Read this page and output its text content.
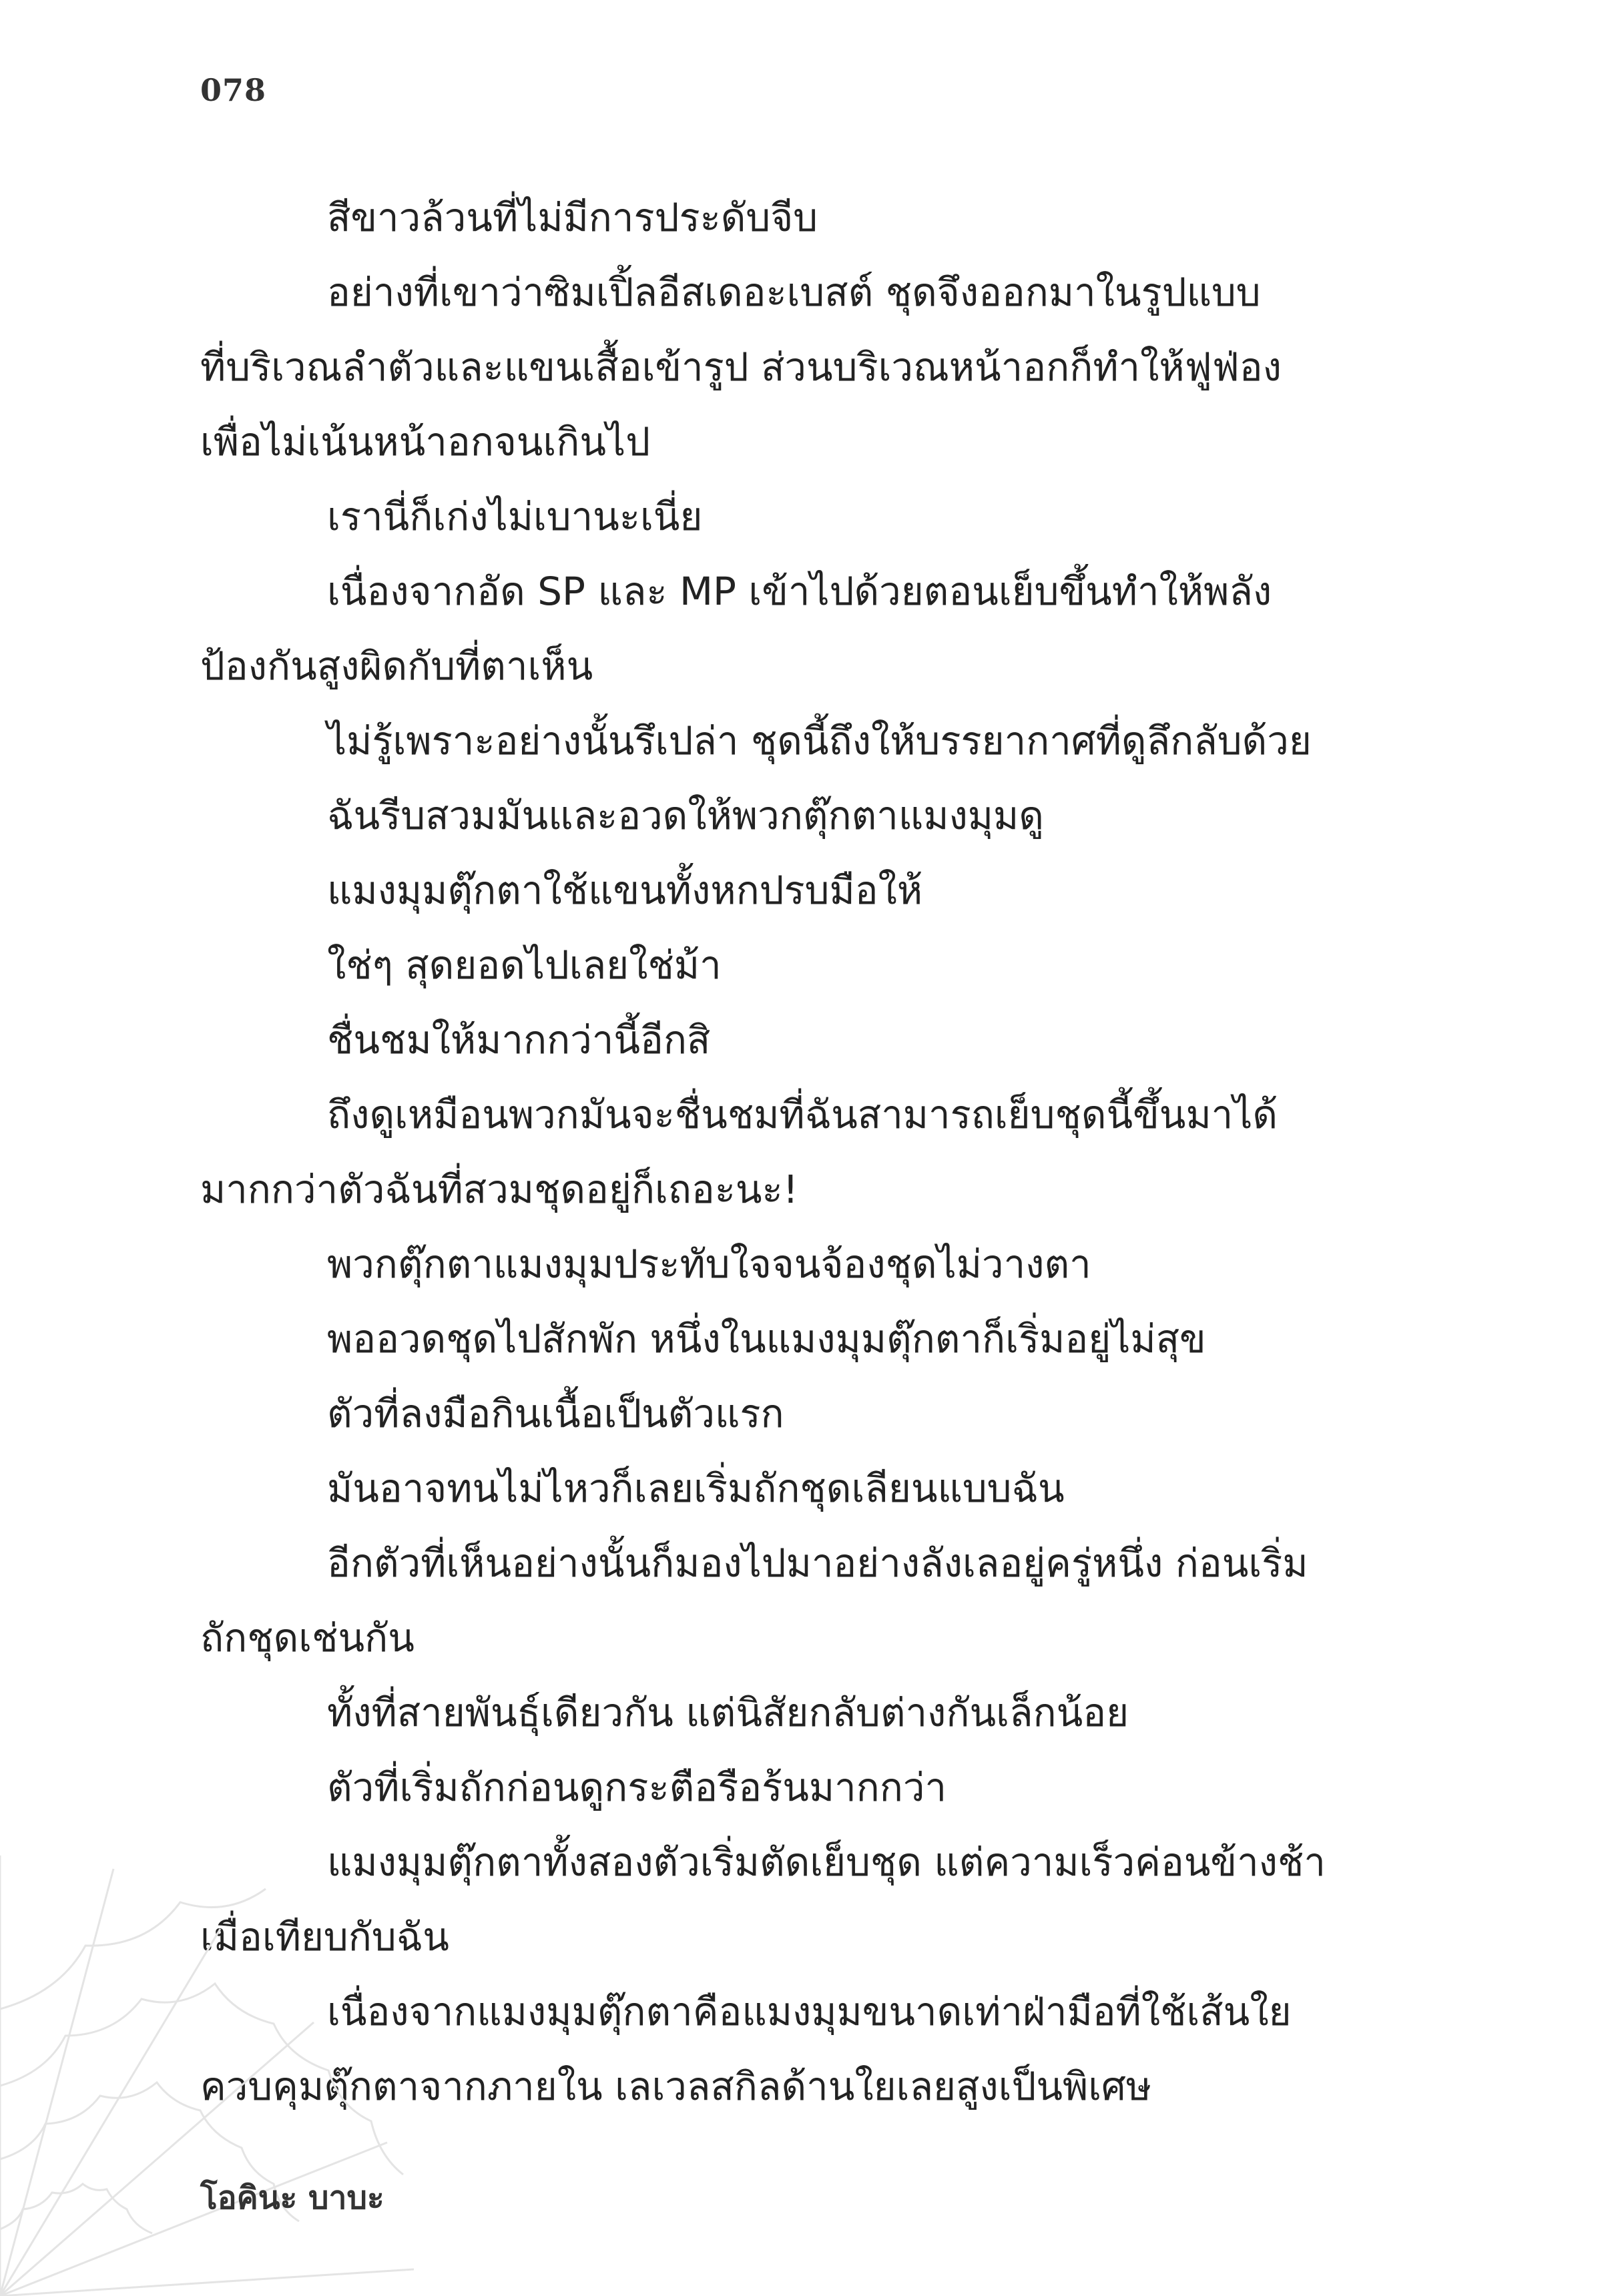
078
สีขาวล้วนที่ไม่มีการประดับจีบ
อย่างที่เขาว่าซิมเปิ้ลอีสเดอะเบสต์ ชุดจึงออกมาในรูปแบบ
ที่บริเวณลำตัวและแขนเสื้อเข้ารูป ส่วนบริเวณหน้าอกก็ทำให้ฟูฟ่อง
เพื่อไม่เน้นหน้าอกจนเกินไป
เรานี่ก็เก่งไม่เบานะเนี่ย
เนื่องจากอัด SP และ MP เข้าไปด้วยตอนเย็บขึ้นทำให้พลัง
ป้องกันสูงผิดกับที่ตาเห็น
ไม่รู้เพราะอย่างนั้นรึเปล่า ชุดนี้ถึงให้บรรยากาศที่ดูลึกลับด้วย
ฉันรีบสวมมันและอวดให้พวกตุ๊กตาแมงมุมดู
แมงมุมตุ๊กตาใช้แขนทั้งหกปรบมือให้
ใช่ๆ สุดยอดไปเลยใช่ม้า
ชื่นชมให้มากกว่านี้อีกสิ
ถึงดูเหมือนพวกมันจะชื่นชมที่ฉันสามารถเย็บชุดนี้ขึ้นมาได้
มากกว่าตัวฉันที่สวมชุดอยู่ก็เถอะนะ!
พวกตุ๊กตาแมงมุมประทับใจจนจ้องชุดไม่วางตา
พออวดชุดไปสักพัก หนึ่งในแมงมุมตุ๊กตาก็เริ่มอยู่ไม่สุข
ตัวที่ลงมือกินเนื้อเป็นตัวแรก
มันอาจทนไม่ไหวก็เลยเริ่มถักชุดเลียนแบบฉัน
อีกตัวที่เห็นอย่างนั้นก็มองไปมาอย่างลังเลอยู่ครู่หนึ่ง ก่อนเริ่ม
ถักชุดเช่นกัน
ทั้งที่สายพันธุ์เดียวกัน แต่นิสัยกลับต่างกันเล็กน้อย
ตัวที่เริ่มถักก่อนดูกระตือรือร้นมากกว่า
แมงมุมตุ๊กตาทั้งสองตัวเริ่มตัดเย็บชุด แต่ความเร็วค่อนข้างช้า
เมื่อเทียบกับฉัน
เนื่องจากแมงมุมตุ๊กตาคือแมงมุมขนาดเท่าฝ่ามือที่ใช้เส้นใย
ควบคุมตุ๊กตาจากภายใน เลเวลสกิลด้านใยเลยสูงเป็นพิเศษ
โอคินะ บาบะ
